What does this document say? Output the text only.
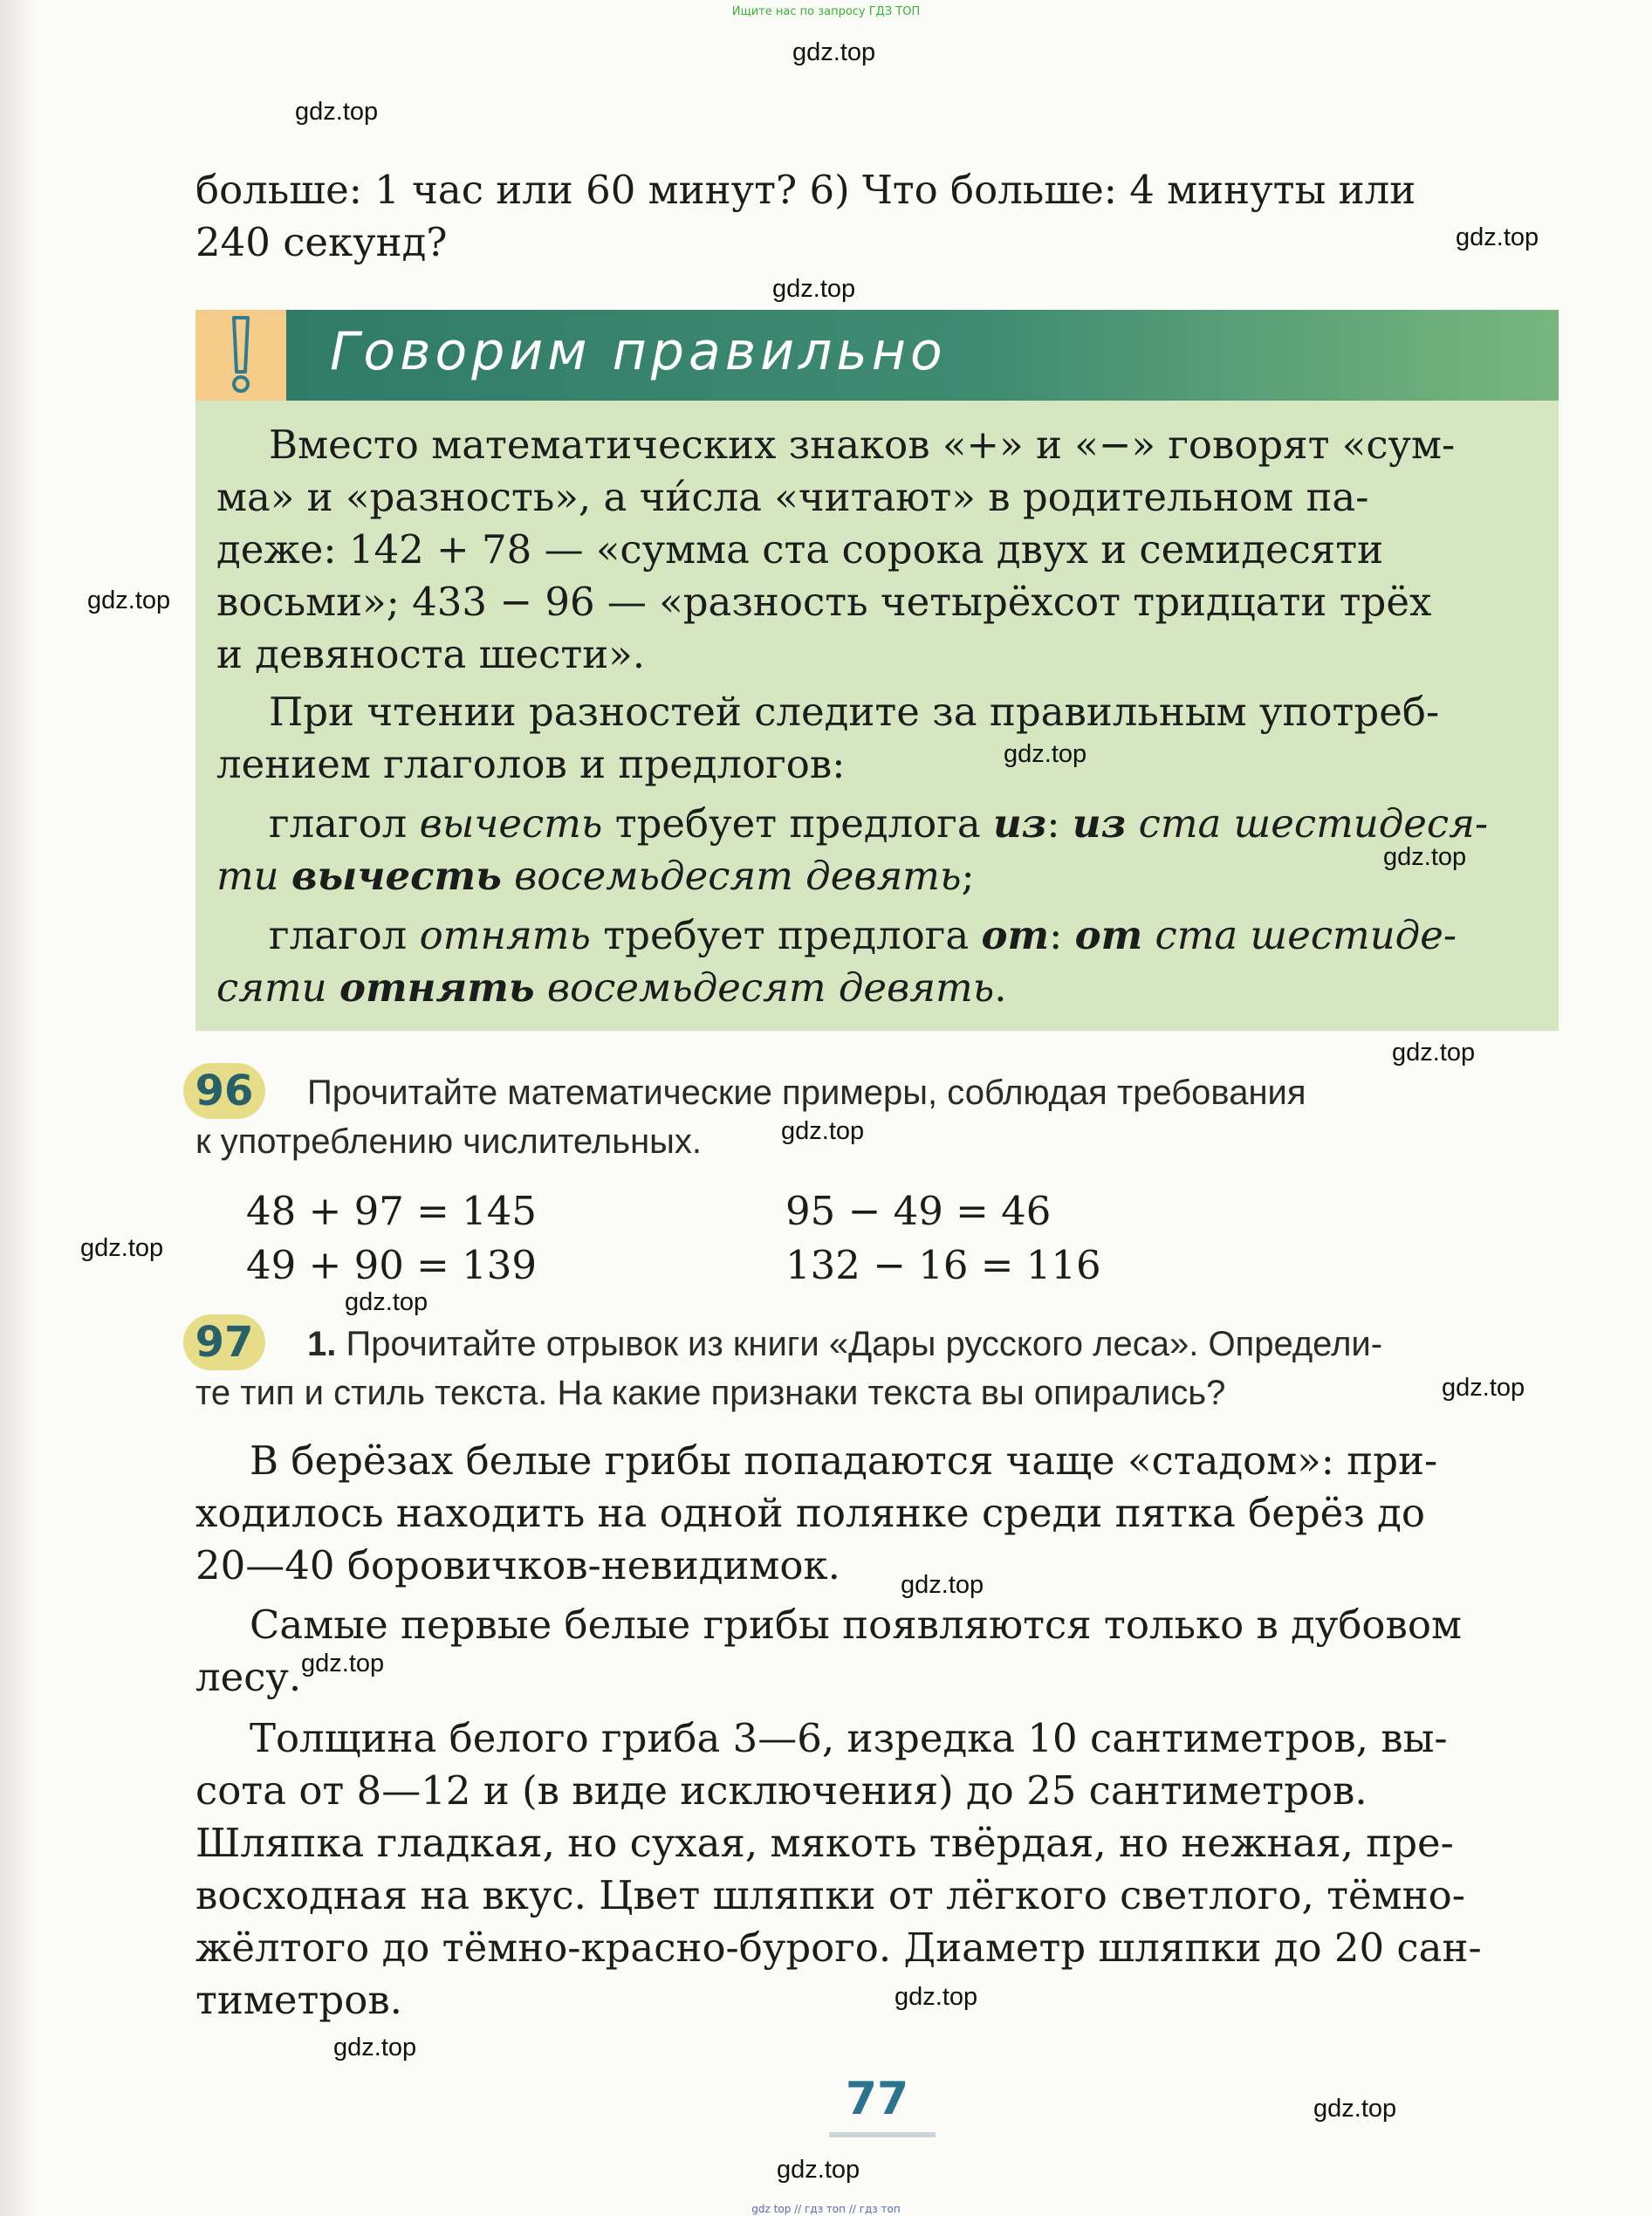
Ищите нас по запросу ГДЗ ТОП
gdz.top
gdz.top
gdz.top
gdz.top
gdz.top
больше: 1 час или 60 минут? 6) Что больше: 4 минуты или
240 секунд?
Говорим правильно
Вместо математических знаков «+» и «−» говорят «сум-
ма» и «разность», а чи́сла «читают» в родительном па-
деже: 142 + 78 — «сумма ста сорока двух и семидесяти
восьми»; 433 − 96 — «разность четырёхсот тридцати трёх
и девяноста шести».
При чтении разностей следите за правильным употреб-
лением глаголов и предлогов:
глагол вычесть требует предлога из: из ста шестидеся-
ти вычесть восемьдесят девять;
глагол отнять требует предлога от: от ста шестиде-
сяти отнять восемьдесят девять.
gdz.top
gdz.top
gdz.top
96	Прочитайте математические примеры, соблюдая требования
к употреблению числительных.	gdz.top
48 + 97 = 145	95 − 49 = 46
49 + 90 = 139	132 − 16 = 116
gdz.top
gdz.top
97	1. Прочитайте отрывок из книги «Дары русского леса». Определи-
те тип и стиль текста. На какие признаки текста вы опирались?	gdz.top
В берёзах белые грибы попадаются чаще «стадом»: при-
ходилось находить на одной полянке среди пятка берёз до
20—40 боровичков-невидимок. gdz.top
Самые первые белые грибы появляются только в дубовом
gdz.top
лесу.
Толщина белого гриба 3—6, изредка 10 сантиметров, вы-
сота от 8—12 и (в виде исключения) до 25 сантиметров.
Шляпка гладкая, но сухая, мякоть твёрдая, но нежная, пре-
восходная на вкус. Цвет шляпки от лёгкого светлого, тёмно-
жёлтого до тёмно-красно-бурого. Диаметр шляпки до 20 сан-
тиметров.	gdz.top
gdz.top
77	gdz.top
gdz.top
gdz top // гдз топ // гдз топ
